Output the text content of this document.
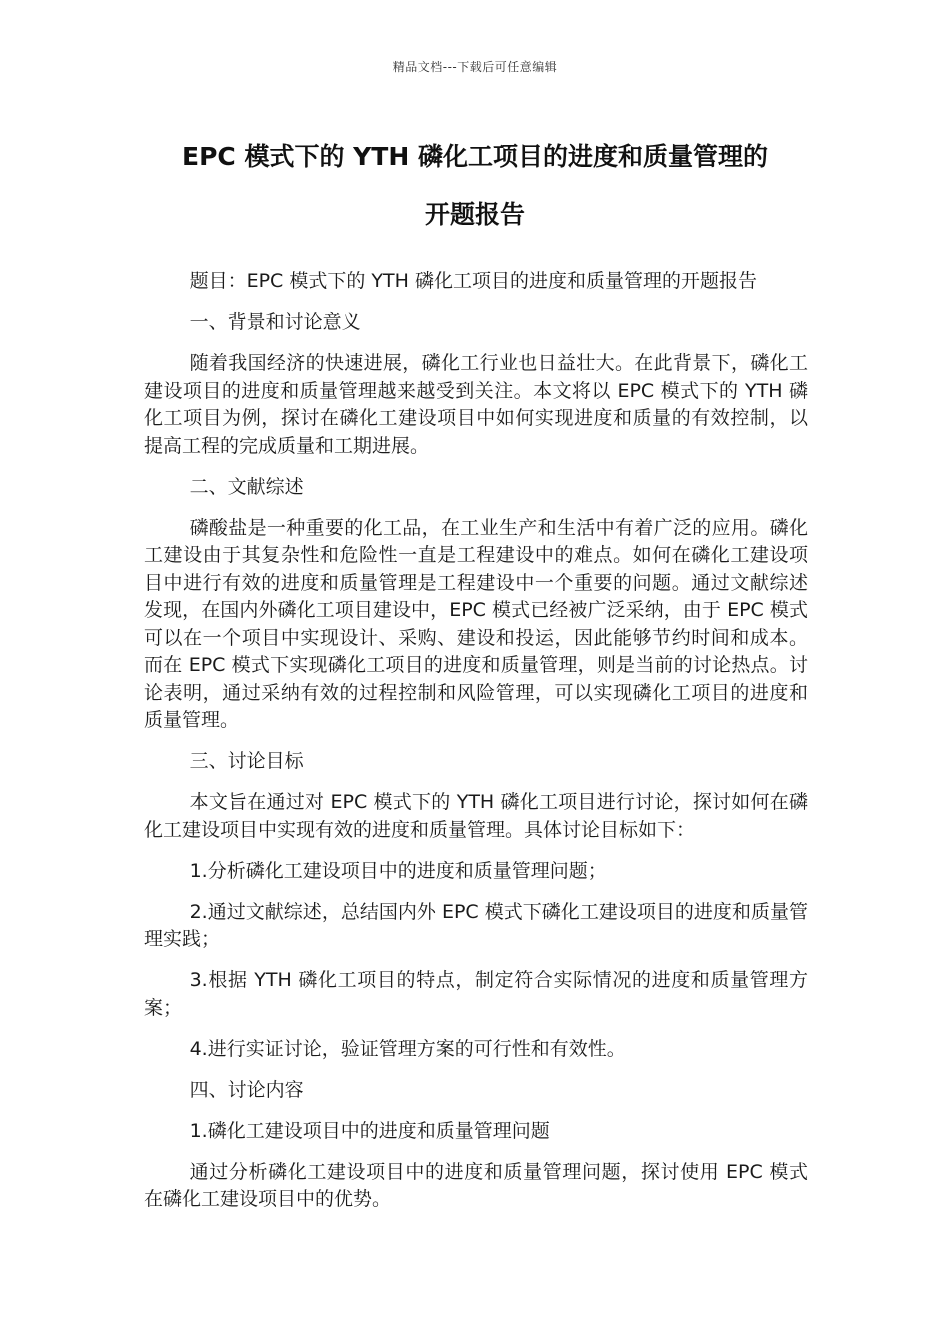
精品文档---下载后可任意编辑
EPC 模式下的 YTH 磷化工项目的进度和质量管理的
开题报告

题目：EPC 模式下的 YTH 磷化工项目的进度和质量管理的开题报告

一、背景和讨论意义

随着我国经济的快速进展，磷化工行业也日益壮大。在此背景下，磷化工建设项目的进度和质量管理越来越受到关注。本文将以 EPC 模式下的 YTH 磷化工项目为例，探讨在磷化工建设项目中如何实现进度和质量的有效控制，以提高工程的完成质量和工期进展。

二、文献综述

磷酸盐是一种重要的化工品，在工业生产和生活中有着广泛的应用。磷化工建设由于其复杂性和危险性一直是工程建设中的难点。如何在磷化工建设项目中进行有效的进度和质量管理是工程建设中一个重要的问题。通过文献综述发现，在国内外磷化工项目建设中，EPC 模式已经被广泛采纳，由于 EPC 模式可以在一个项目中实现设计、采购、建设和投运，因此能够节约时间和成本。而在 EPC 模式下实现磷化工项目的进度和质量管理，则是当前的讨论热点。讨论表明，通过采纳有效的过程控制和风险管理，可以实现磷化工项目的进度和质量管理。

三、讨论目标

本文旨在通过对 EPC 模式下的 YTH 磷化工项目进行讨论，探讨如何在磷化工建设项目中实现有效的进度和质量管理。具体讨论目标如下：

1.分析磷化工建设项目中的进度和质量管理问题；

2.通过文献综述，总结国内外 EPC 模式下磷化工建设项目的进度和质量管理实践；

3.根据 YTH 磷化工项目的特点，制定符合实际情况的进度和质量管理方案；

4.进行实证讨论，验证管理方案的可行性和有效性。

四、讨论内容

1.磷化工建设项目中的进度和质量管理问题

通过分析磷化工建设项目中的进度和质量管理问题，探讨使用 EPC 模式在磷化工建设项目中的优势。
